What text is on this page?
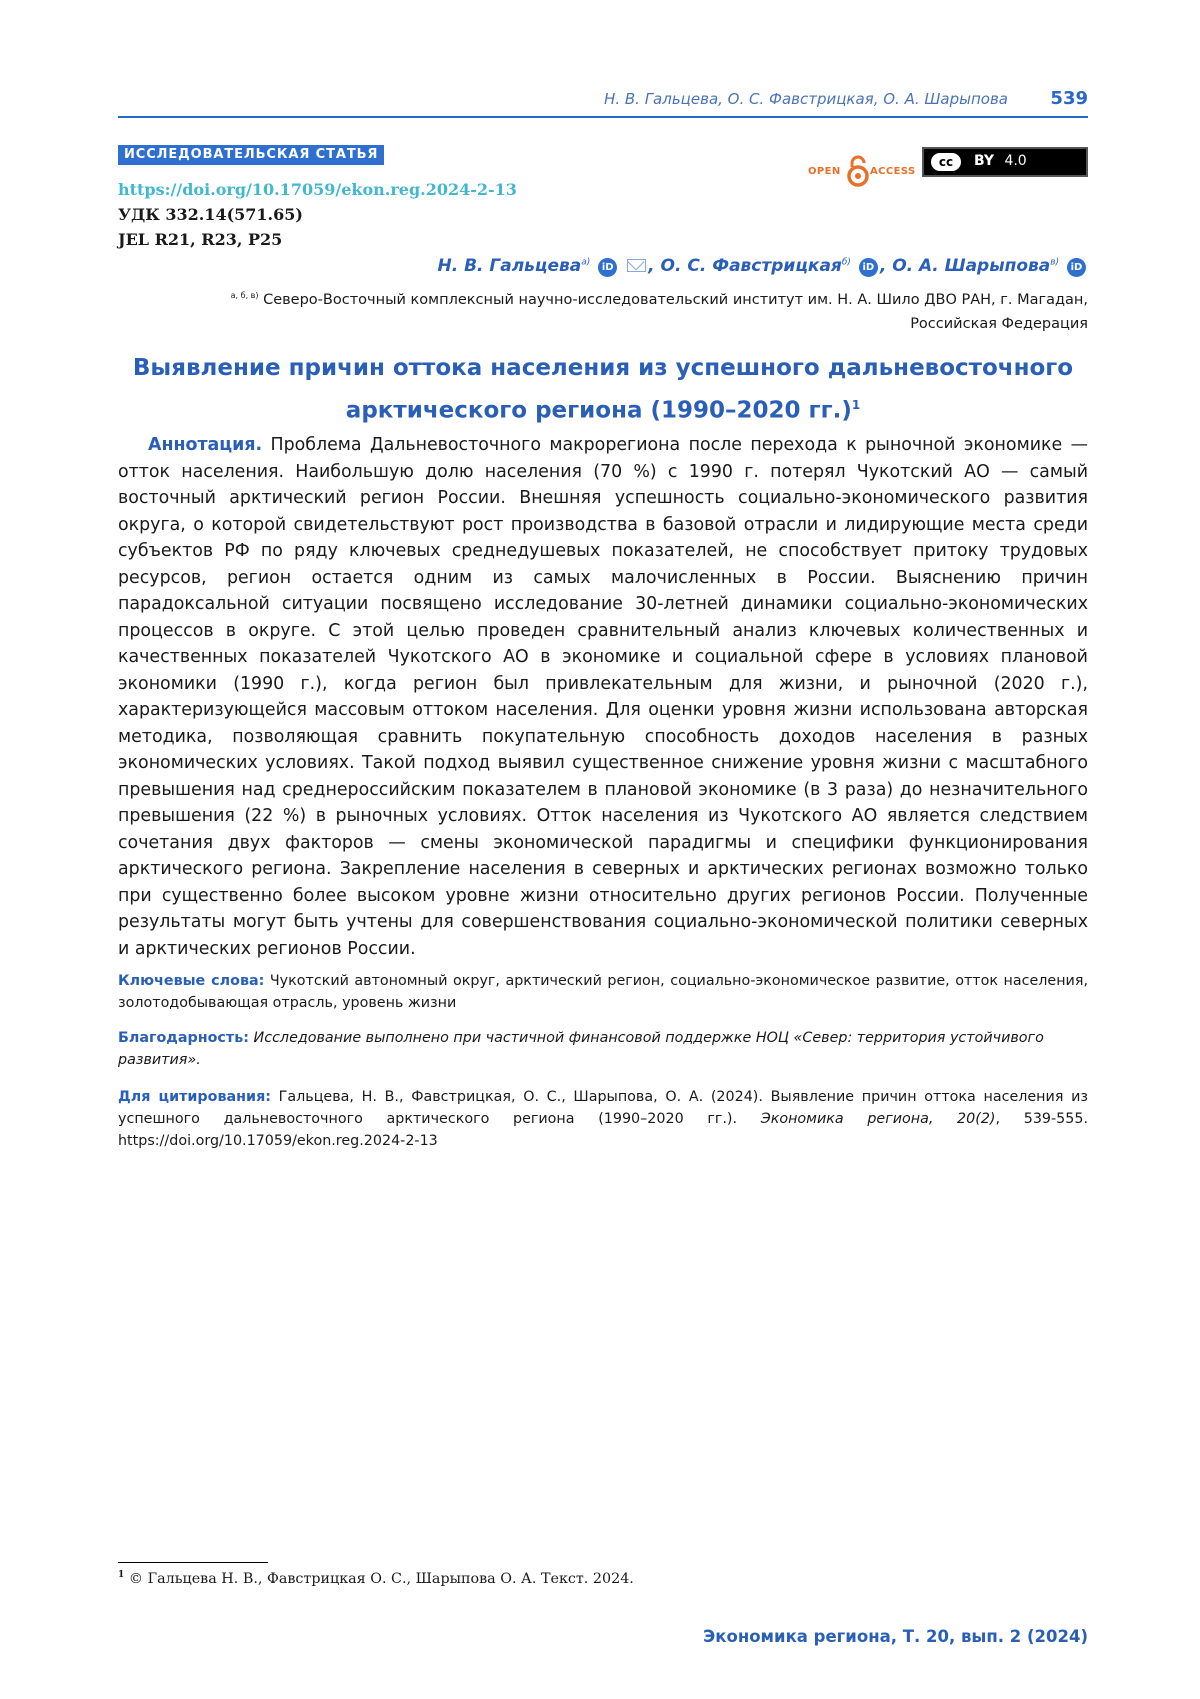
Н. В. Гальцева, О. С. Фавстрицкая, О. А. Шарыпова 539
ИССЛЕДОВАТЕЛЬСКАЯ СТАТЬЯ
https://doi.org/10.17059/ekon.reg.2024-2-13
УДК 332.14(571.65)
JEL R21, R23, P25
OPEN	ACCESS
cc	BY 4.0
Н. В. Гальцева$^{а)}$ iD , О. С. Фавстрицкая$^{б)}$ iD , О. А. Шарыпова$^{в)}$ iD
$^{а, б, в)}$ Северо-Восточный комплексный научно-исследовательский институт им. Н. А. Шило ДВО РАН, г. Магадан,
Российская Федерация
Выявление причин оттока населения из успешного дальневосточного
арктического региона (1990–2020 гг.)$^1$
Аннотация. Проблема Дальневосточного макрорегиона после перехода к рыночной экономике — отток населения. Наибольшую долю населения (70 %) с 1990 г. потерял Чукотский АО — самый восточный арктический регион России. Внешняя успешность социально-экономического развития округа, о которой свидетельствуют рост производства в базовой отрасли и лидирующие места среди субъектов РФ по ряду ключевых среднедушевых показателей, не способствует притоку трудовых ресурсов, регион остается одним из самых малочисленных в России. Выяснению причин парадоксальной ситуации посвящено исследование 30-летней динамики социально-экономических процессов в округе. С этой целью проведен сравнительный анализ ключевых количественных и качественных показателей Чукотского АО в экономике и социальной сфере в условиях плановой экономики (1990 г.), когда регион был привлекательным для жизни, и рыночной (2020 г.), характеризующейся массовым оттоком населения. Для оценки уровня жизни использована авторская методика, позволяющая сравнить покупательную способность доходов населения в разных экономических условиях. Такой подход выявил существенное снижение уровня жизни с масштабного превышения над среднероссийским показателем в плановой экономике (в 3 раза) до незначительного превышения (22 %) в рыночных условиях. Отток населения из Чукотского АО является следствием сочетания двух факторов — смены экономической парадигмы и специфики функционирования арктического региона. Закрепление населения в северных и арктических регионах возможно только при существенно более высоком уровне жизни относительно других регионов России. Полученные результаты могут быть учтены для совершенствования социально-экономической политики северных и арктических регионов России.
Ключевые слова: Чукотский автономный округ, арктический регион, социально-экономическое развитие, отток населения, золотодобывающая отрасль, уровень жизни
Благодарность: Исследование выполнено при частичной финансовой поддержке НОЦ «Север: территория устойчивого развития».
Для цитирования: Гальцева, Н. В., Фавстрицкая, О. С., Шарыпова, О. А. (2024). Выявление причин оттока населения из успешного дальневосточного арктического региона (1990–2020 гг.). Экономика региона, 20(2), 539-555. https://doi.org/10.17059/ekon.reg.2024-2-13
$^1$ © Гальцева Н. В., Фавстрицкая О. С., Шарыпова О. А. Текст. 2024.
Экономика региона, Т. 20, вып. 2 (2024)
